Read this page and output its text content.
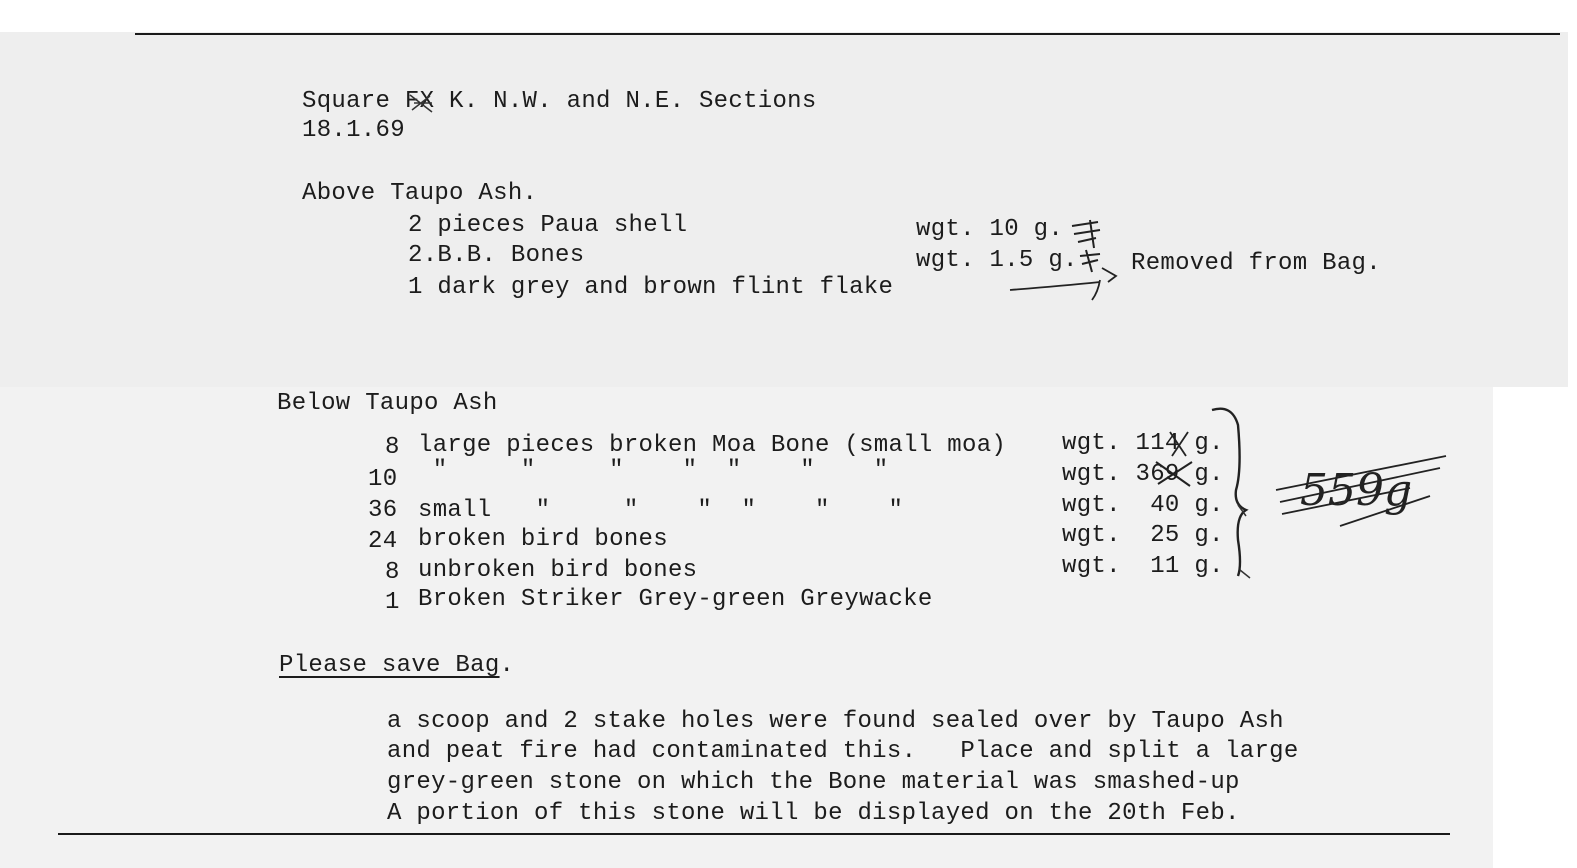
Square FX K. N.W. and N.E. Sections
18.1.69
Above Taupo Ash.
2 pieces Paua shell	wgt. 10 g.
2.B.B. Bones	wgt. 1.5 g.
1 dark grey and brown flint flake
Removed from Bag.
Below Taupo Ash
8 large pieces broken Moa Bone (small moa) wgt. 114 g.
10 "     "     "    "  "    "    "	wgt. 369 g.
36 small   "     "    "  "    "    "	wgt.  40 g.
24 broken bird bones	wgt.  25 g.
8 unbroken bird bones	wgt.  11 g.
1 Broken Striker Grey-green Greywacke
Please save Bag.
a scoop and 2 stake holes were found sealed over by Taupo Ash
and peat fire had contaminated this.   Place and split a large
grey-green stone on which the Bone material was smashed-up
A portion of this stone will be displayed on the 20th Feb.
559g
